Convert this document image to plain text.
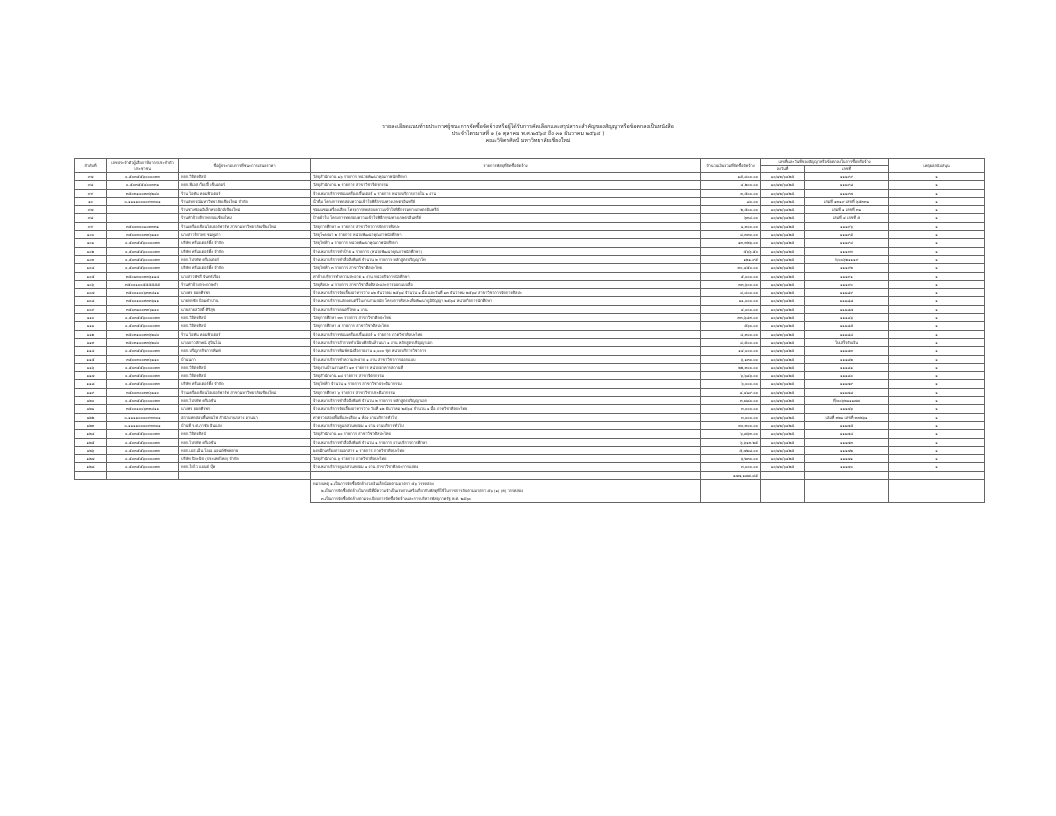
รายละเอียดแนบท้ายประกาศผู้ชนะการจัดซื้อจัดจ้างหรือผู้ได้รับการคัดเลือกและสรุปสาระสำคัญของสัญญาหรือข้อตกลงเป็นหนังสือ
ประจำไตรมาสที่ ๑ (๑ ตุลาคม พ.ศ.๒๕๖๔ ถึง ๓๑ ธันวาคม ๒๕๖๔ )
คณะวิจิตรศิลป์ มหาวิทยาลัยเชียงใหม่
ลำดับที่	เลขประจำตัวผู้เสียภาษีอากรประจำตัวประชาชน	ชื่อผู้ประกอบการที่ชนะการเสนอราคา	รายการพัสดุที่จัดซื้อจัดจ้าง	จำนวนเงินรวมที่จัดซื้อจัดจ้าง	เลขที่และวันที่ของสัญญาหรือข้อตกลงในการซื้อหรือจ้าง		เหตุผลสนับสนุน
					ลงวันที่	เลขที่	
๙๗	๐-๕๐๓๕๕๖๐๐๐๐๓๓	หจก.วิจิตรศิลป์	วัสดุสำนักงาน ๑๖ รายการ หน่วยพัฒนาคุณภาพนักศึกษา	๑๕,๔๐๐.๐๐	๑๐/๑๒/๖๔๒๕	๑๑๑๙๙	๑
๙๘	๐-๕๐๓๕๕๔๐๐๓๓๑	หจก.พีเอส ก๊อปปี้ เซ็นเตอร์	วัสดุสำนักงาน ๒ รายการ สาขาวิชาจิตรกรรม	๔,๒๐๐.๐๐	๑๐/๑๒/๖๔๒๕	๑๑๑๙๘	๑
๙๙	๓๕๐๓๑๐๐๓๓๖๒๔๐	ร้าน ไอทัน คอมพิวเตอร์	จ้างเหมาบริการซ่อมเครื่องปริ้นเตอร์ ๑ รายการ หน่วยบริการภายใน ๑ งาน	๓,๕๐๐.๐๐	๑๐/๑๒/๖๔๒๕	๑๑๑๙๗	๑
๑๐	๐-๑๑๑๑๐๐๐๐๙๓๓๐๑	ร้านสหกรณ์มหาวิทยาลัยเชียงใหม่ จำกัด	น้ำดื่ม โครงการทดสอบความเข้าใจพิธีกรรมทางเกษตรอินทรีย์	๘๐.๐๐	๑๐/๑๒/๖๔๒๕	เล่มที่ ๑๓๑๙ เลขที่ ๖๕๓๓๑	๑
๙๗		ร้านช่างซ่อมอิเล็กทรอนิกส์เชียงใหม่	ซ่อมแซมเครื่องเสียง โครงการทดสอบความเข้าใจพิธีกรรมทางเกษตรอินทรีย์	๒,๕๐๐.๐๐	๑๐/๑๒/๖๔๒๕	เล่มที่ ๑ เลขที่ ๓๑	๑
๙๘		ร้านทำป้ายจีราพรรณเชียงใหม่	ป้ายผ้าใบ โครงการทดสอบความเข้าใจพิธีกรรมทางเกษตรอินทรีย์	๖๓๔.๐๐	๑๐/๑๒/๖๔๒๕	เล่มที่ ๔ เลขที่ ๕	๑
๙๙	๓๕๐๐๓๐๐๑๐๓๓๓๑	ร้านเครื่องเขียนไฮเปอร์พาร์ท สาขามหาวิทยาลัยเชียงใหม่	วัสดุการศึกษา ๓ รายการ สาขาวิชาการจัดการศิลปะ	๑,๓๐๐.๐๐	๑๐/๑๒/๖๔๒๕	๑๑๑๙๖	๑
๑๐๐	๓๕๐๐๓๐๐๓๓๖๑๑๐	นางสาวจิราพร ชมพูเก่า	วัสดุโฆษณา ๒ รายการ หน่วยพัฒนาคุณภาพนักศึกษา	๔,๓๓๐.๐๐	๑๐/๑๒/๖๔๒๕	๑๑๑๙๕	๑
๑๐๑	๐-๕๐๓๕๕๖๐๐๐๐๓๓	บริษัท ครีเอเตอร์คิ้ง จำกัด	วัสดุไฟฟ้า ๑ รายการ หน่วยพัฒนาคุณภาพนักศึกษา	๑๓,๓๒๖.๐๐	๑๐/๑๒/๖๔๒๕	๑๑๑๙๔	๑
๑๐๒	๐-๕๐๓๕๕๖๐๐๐๐๓๓	บริษัท ครีเอเตอร์คิ้ง จำกัด	จ้างเหมาบริการทำป้าย ๑ รายการ (หน่วยพัฒนาคุณภาพนักศึกษา)	๕๖๖.๕๐	๑๐/๑๒/๖๔๒๕	๑๑๑๙๓	๑
๑๐๓	๐-๕๐๓๕๕๖๐๐๐๐๓๓	หจก.ไปรษัท ครีเอเตอร์	จ้างเหมาบริการทำสื่อสิ่งพิมพ์ จำนวน ๒ รายการ หลักสูตรปริญญาโท	๑๒๑.๙๕	๑๐/๑๒/๖๔๒๕	ก/๐๐๖๒๑๑๑๙	๑
๑๐๔	๐-๕๐๓๕๕๖๐๐๐๐๓๓	บริษัท ครีเอเตอร์คิ้ง จำกัด	วัสดุไฟฟ้า ๓ รายการ สาขาวิชาศิลปะไทย	๓๐,๔๕๐.๐๐	๑๐/๑๒/๖๔๒๕	๑๑๑๙๒	๑
๑๐๕	๓๕๐๑๓๐๐๓๓๖๑๑๔	นางสาวพัชรี จันทร์เรือง	ค่าจ้างบริการทำความสะอาด ๑ งาน หน่วยกิจการนักศึกษา	๕,๐๐๐.๐๐	๑๐/๑๒/๖๔๒๕	๑๑๑๙๑	๑
๑๐๖	๓๕๐๐๑๐๐๕๕๕๕๕๕	ร้านทำป้ายกระดาษดำ	วัสดุศิลปะ ๔ รายการ สาขาวิชาสื่อศิลปะและการออกแบบสื่อ	๓๓,๖๐๐.๐๐	๑๐/๑๒/๖๔๒๕	๑๑๑๙๐	๑
๑๐๗	๓๕๐๐๑๐๐๖๓๓๔๑๑	นางพร ยอดศิรพร	จ้างเหมาบริการจัดเลี้ยงอาหารว่าง ๑๒ ธันวาคม ๒๕๖๔ จำนวน ๑ มื้อ และวันที่ ๑๓ ธันวาคม ๒๕๖๔ สาขาวิชาการจัดการศิลปะ	๔,๔๐๐.๐๐	๑๐/๑๒/๖๔๒๕	๑๑๑๘๙	๑
๑๐๘	๓๕๐๐๑๐๐๓๓๓๖๑๑	นายพรชัย ป้อมคำปาน	จ้างเหมาบริการแสดงดนตรีในงานร่วมสมัย โครงการศิลปะเพื่อพัฒนาภูมิปัญญา ๒๕๖๔ หน่วยกิจการนักศึกษา	๑๑,๐๐๐.๐๐	๑๐/๑๒/๖๔๒๕	๑๑๑๘๘	๑
๑๐๙	๓๕๐๓๑๐๐๓๓๖๑๑๐	นายสายสวัสดิ์ ศิริสุข	จ้างเหมาบริการดนตรีไทย ๑ งาน	๔,๐๐๐.๐๐	๑๐/๑๒/๖๔๒๕	๑๑๑๘๗	๑
๑๑๐	๐-๕๐๓๕๕๖๐๐๐๐๓๓	หจก.วิจิตรศิลป์	วัสดุการศึกษา ๓๓ รายการ สาขาวิชาศิลปะไทย	๓๓,๖๔๓.๐๐	๑๐/๑๒/๖๔๒๕	๑๑๑๘๖	๑
๑๑๑	๐-๕๐๓๕๕๖๐๐๐๐๓๓	หจก.วิจิตรศิลป์	วัสดุการศึกษา ๕ รายการ สาขาวิชาศิลปะไทย	๕๖๐.๐๐	๑๐/๑๒/๖๔๒๕	๑๑๑๘๕	๑
๑๑๒	๓๕๐๓๑๐๐๓๓๖๒๔๐	ร้าน ไอทัน คอมพิวเตอร์	จ้างเหมาบริการซ่อมเครื่องปริ้นเตอร์ ๑ รายการ ภาควิชาศิลปะไทย	๔,๓๐๐.๐๐	๑๐/๑๒/๖๔๒๕	๑๑๑๘๔	๑
๑๑๓	๓๕๐๓๑๐๐๓๓๖๒๔๐	นางเยาวลักษณ์ สุปินโณ	จ้างเหมาบริการสำรวจทำเนียบศิลปินล้านนา ๑ งาน หลักสูตรปริญญาเอก	๔,๕๐๐.๐๐	๑๐/๑๒/๖๔๒๕	ใบเสร็จรับเงิน	๑
๑๑๔	๐-๕๐๓๕๕๖๐๐๐๐๓๓	หจก.ปรีญกรกิจการพิมพ์	จ้างเหมาบริการพิมพ์หนังสือรายงาน ๑,๐๐๐ ชุด หน่วยบริการวิชาการ	๑๔,๐๐๐.๐๐	๑๐/๑๒/๖๔๒๕	๑๑๑๘๓	๑
๑๑๕	๓๕๐๐๓๐๐๓๓๖๑๑๐	บ้านนภา	จ้างเหมาบริการทำความสะอาด ๑ งาน สาขาวิชาการออกแบบ	๖,๑๓๐.๐๐	๑๐/๑๒/๖๔๒๕	๑๑๑๘๒	๑
๑๑๖	๐-๕๐๓๕๕๖๐๐๐๐๓๓	หจก.วิจิตรศิลป์	วัสดุงานบ้านงานครัว ๑๓ รายการ หน่วยอาคารสถานที่	๒๒,๓๐๐.๐๐	๑๐/๑๒/๖๔๒๕	๑๑๑๘๑	๑
๑๑๗	๐-๕๐๓๕๕๖๐๐๐๐๓๓	หจก.วิจิตรศิลป์	วัสดุสำนักงาน ๑๔ รายการ สาขาจิตรกรรม	๖,๖๘๖.๐๐	๑๐/๑๒/๖๔๒๕	๑๑๑๘๐	๑
๑๑๘	๐-๕๐๓๕๕๖๐๐๐๐๓๓	บริษัท ครีเอเตอร์คิ้ง จำกัด	วัสดุไฟฟ้า จำนวน ๑ รายการ สาขาวิชาประติมากรรม	๖,๐๐๐.๐๐	๑๐/๑๒/๖๔๒๕	๑๑๑๗๙	๑
๑๑๙	๓๕๐๐๓๐๐๓๓๖๑๑๐	ร้านเครื่องเขียนไฮเปอร์พาร์ท สาขามหาวิทยาลัยเชียงใหม่	วัสดุการศึกษา ๖ รายการ สาขาวิชาประติมากรรม	๔,๔๑๙.๐๐	๑๐/๑๒/๖๔๒๕	๑๑๑๗๘	๑
๑๒๐	๐-๕๐๓๕๕๖๐๐๐๐๓๓	หจก.ไปรษัท ครีเอชั่น	จ้างเหมาบริการทำสื่อสิ่งพิมพ์ จำนวน ๒ รายการ หลักสูตรปริญญาเอก	๓,๗๘๐.๐๐	๑๐/๑๒/๖๔๒๕	ที่/๐๐๖๒๑๑๑๗๗	๑
๑๒๑	๓๕๐๐๑๐๐๖๓๓๔๑๑	นางพร ยอดศิรพร	จ้างเหมาบริการจัดเลี้ยงอาหารว่าง วันที่ ๑๒ ธันวาคม ๒๕๖๔ จำนวน ๑ มื้อ ภาควิชาศิลปะไทย	๓,๐๐๐.๐๐	๑๐/๑๒/๖๔๒๕	๑๑๑๗๖	๑
๑๒๒	๐-๑๑๑๑๐๐๐๐๙๓๓๐๑	สถานทดสอบพื้นทนไฟ สำนักงานกลาง อานนา	ค่าตรวจสอบพื้นที่และเสียง ๑ ห้อง งานบริการทั่วไป	๓,๐๐๐.๐๐	๑๐/๑๒/๖๔๒๕	เล่มที่ ๓๒๑ เลขที่ ๓๓๒๖๑	๑
๑๒๓	๐-๑๑๑๑๐๐๐๐๙๓๓๐๑	บ้านที่ ร.ศ.ภาชัย อินแสง	จ้างเหมาบริการดูแลสวนหย่อม ๑ งาน งานบริการทั่วไป	๓๐,๓๐๐.๐๐	๑๐/๑๒/๖๔๒๕	๑๑๑๗๕	๑
๑๒๔	๐-๕๐๓๕๕๖๐๐๐๐๓๓	หจก.วิจิตรศิลป์	วัสดุสำนักงาน ๑๐ รายการ สาขาวิชาศิลปะไทย	๖,๗๖๓.๐๐	๑๐/๑๒/๖๔๒๕	๑๑๑๗๔	๑
๑๒๕	๐-๕๐๓๕๕๖๐๐๐๐๓๓	หจก.ไปรษัท ครีเอชั่น	จ้างเหมาบริการทำสื่อสิ่งพิมพ์ จำนวน ๑ รายการ งานบริการการศึกษา	๖,๖๑๓.๒๕	๑๐/๑๒/๖๔๒๕	๑๑๑๗๓	๑
๑๒๖	๐-๕๐๓๕๕๖๐๐๐๐๓๓	หจก.เอส.เอ็น.โอเอ.แอนด์ซัพพลาย	ผงหมึกเครื่องถ่ายเอกสาร ๑ รายการ ภาควิชาศิลปะไทย	๕,๗๒๘.๐๐	๑๐/๑๒/๖๔๒๕	๑๑๑๗๒	๑
๑๒๗	๐-๕๐๓๕๕๖๐๐๐๐๓๓	บริษัท ปิยะนิช (ประเทศไทย) จำกัด	วัสดุสำนักงาน ๖ รายการ ภาควิชาศิลปะไทย	๖,๒๓๐.๐๐	๑๐/๑๒/๖๔๒๕	๑๑๑๗๑	๑
๑๒๘	๐-๕๐๓๕๕๖๐๐๐๐๓๓	หจก.ใยไว แอนด์ บุ๊ค	จ้างเหมาบริการดูแลสวนหย่อม ๑ งาน สาขาวิชาศิลปะการแสดง	๓,๐๐๐.๐๐	๑๐/๑๒/๖๔๒๕	๑๑๑๗๐	๑
				๑๗๗,๑๗๗.๔๕			
			หมายเหตุ ๑.เป็นการจัดซื้อจัดจ้างวงเงินเล็กน้อยตามมาตรา ๕๖ วรรคสอง				
			๒.เป็นการจัดซื้อจัดจ้างในกรณีที่มีความจำเป็นเร่งด่วนหรือเกี่ยวกับพัสดุที่ใช้ในราชการลับตามมาตรา ๕๖ (๑) (ค) วรรคสอง				
			๓.เป็นการจัดซื้อจัดจ้างตามระเบียบการจัดซื้อจัดจ้างและการบริหารพัสดุภาครัฐ พ.ศ. ๒๕๖๐				
